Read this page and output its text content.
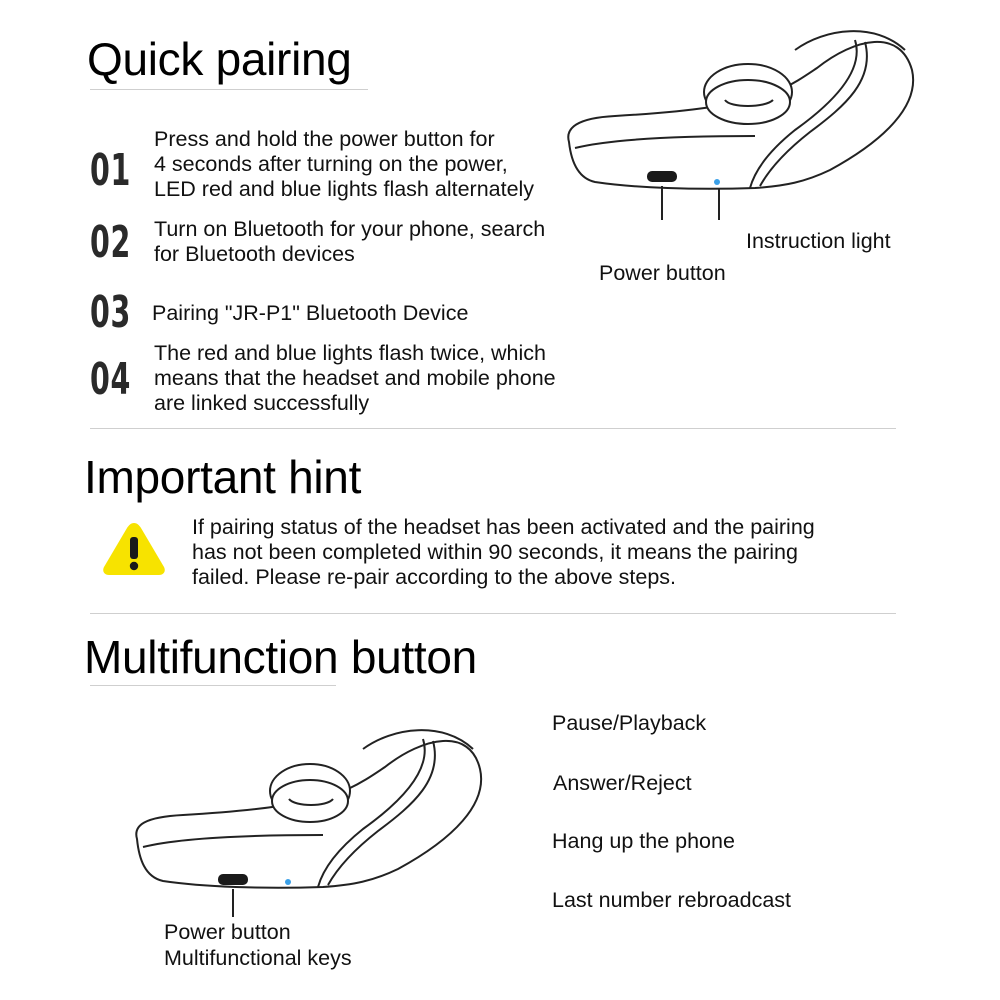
Quick pairing
01
Press and hold the power button for
4 seconds after turning on the power,
LED red and blue lights flash alternately
02 Turn on Bluetooth for your phone, search
for Bluetooth devices
03 Pairing "JR-P1" Bluetooth Device
04
The red and blue lights flash twice, which
means that the headset and mobile phone
are linked successfully
Instruction light
Power button
Important hint
If pairing status of the headset has been activated and the pairing
has not been completed within 90 seconds, it means the pairing
failed. Please re-pair according to the above steps.
Multifunction button
Power button
Multifunctional keys
Pause/Playback
Answer/Reject
Hang up the phone
Last number rebroadcast
